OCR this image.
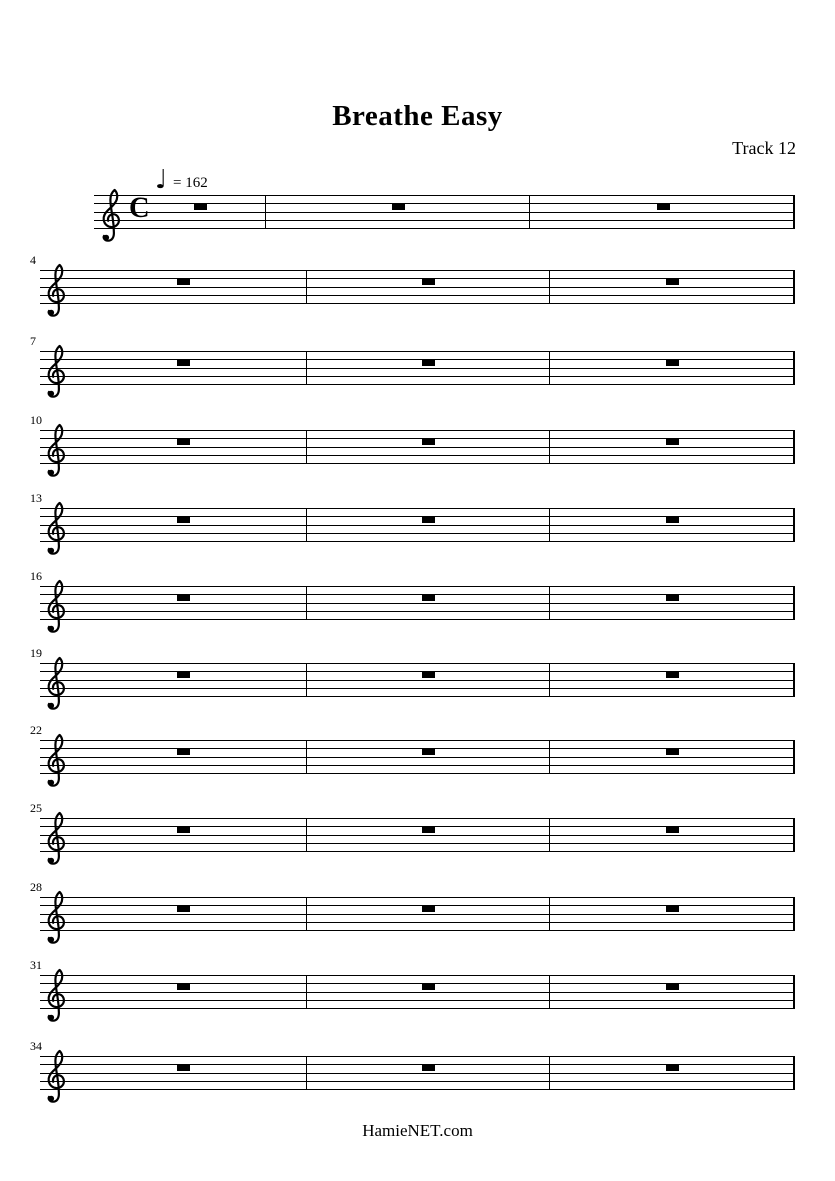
Breathe Easy
Track 12
C
♩ = 162
4
7
10
13
16
19
22
25
28
31
34
HamieNET.com
